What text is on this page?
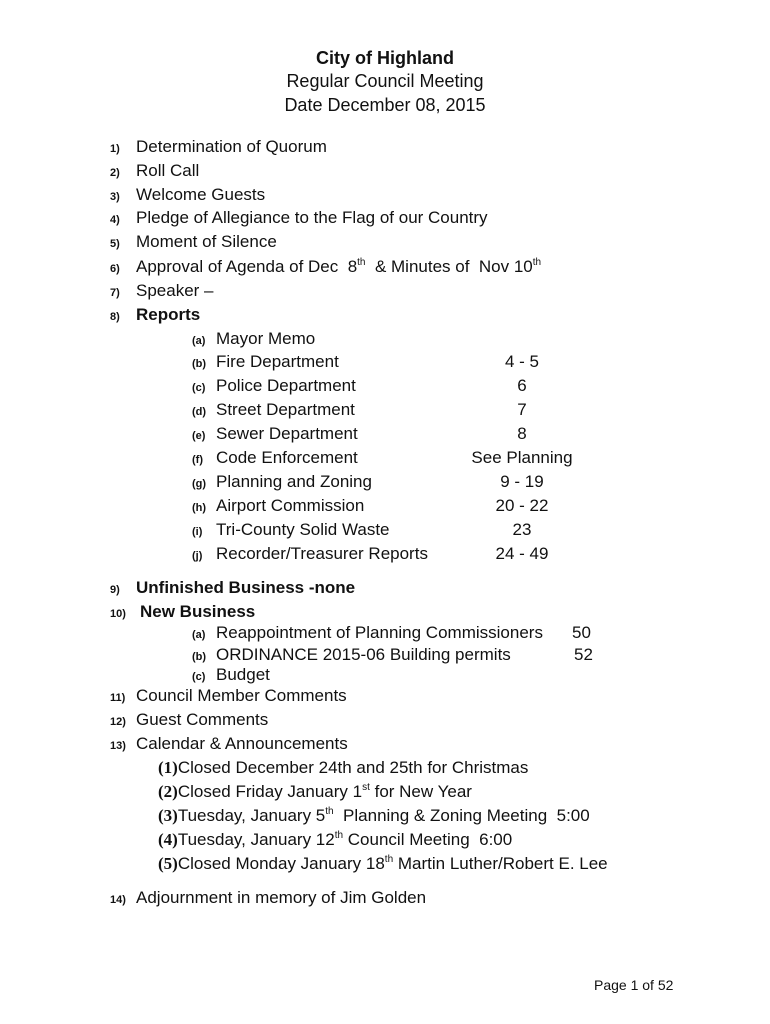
City of Highland
Regular Council Meeting
Date December 08, 2015
1) Determination of Quorum
2) Roll Call
3) Welcome Guests
4) Pledge of Allegiance to the Flag of our Country
5) Moment of Silence
6) Approval of Agenda of Dec  8th  & Minutes of  Nov 10th
7) Speaker –
8) Reports
(a) Mayor Memo
(b) Fire Department	4 - 5
(c) Police Department	6
(d) Street Department	7
(e) Sewer Department	8
(f) Code Enforcement	See Planning
(g) Planning and Zoning	9 - 19
(h) Airport Commission	20 - 22
(i) Tri-County Solid Waste	23
(j) Recorder/Treasurer Reports	24 - 49
9) Unfinished Business -none
10) New Business
(a) Reappointment of Planning Commissioners 50
(b) ORDINANCE 2015-06 Building permits	52
(c) Budget
11) Council Member Comments
12) Guest Comments
13) Calendar & Announcements
(1)Closed December 24th and 25th for Christmas
(2)Closed Friday January 1st for New Year
(3)Tuesday, January 5th  Planning & Zoning Meeting  5:00
(4)Tuesday, January 12th Council Meeting  6:00
(5)Closed Monday January 18th Martin Luther/Robert E. Lee
14) Adjournment in memory of Jim Golden
Page 1 of 52
